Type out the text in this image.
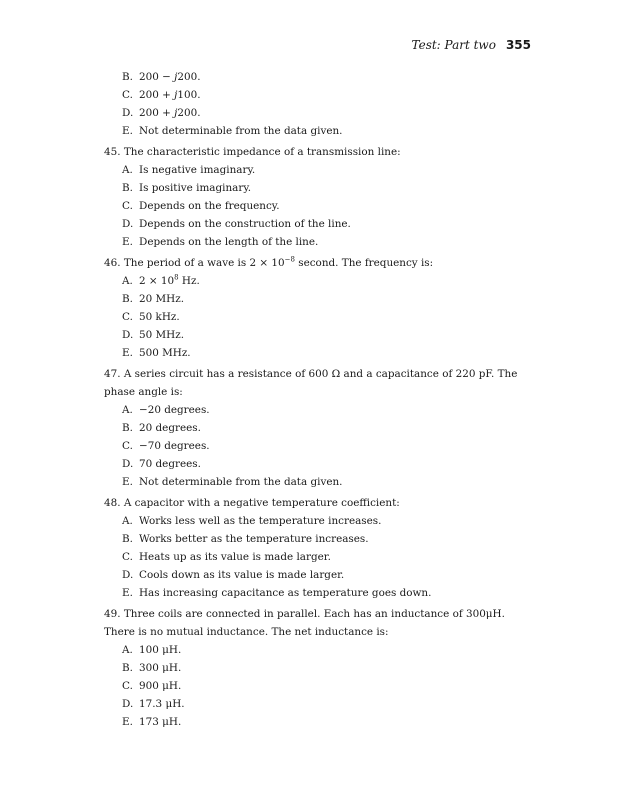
Test: Part two 355
B. 200 − j200.
C. 200 + j100.
D. 200 + j200.
E. Not determinable from the data given.
45. The characteristic impedance of a transmission line:
A. Is negative imaginary.
B. Is positive imaginary.
C. Depends on the frequency.
D. Depends on the construction of the line.
E. Depends on the length of the line.
46. The period of a wave is $2 \times 10^{-8}$ second. The frequency is:
A. $2 \times 10^8$ Hz.
B. 20 MHz.
C. 50 kHz.
D. 50 MHz.
E. 500 MHz.
47. A series circuit has a resistance of 600 Ω and a capacitance of 220 pF. The phase angle is:
A. −20 degrees.
B. 20 degrees.
C. −70 degrees.
D. 70 degrees.
E. Not determinable from the data given.
48. A capacitor with a negative temperature coefficient:
A. Works less well as the temperature increases.
B. Works better as the temperature increases.
C. Heats up as its value is made larger.
D. Cools down as its value is made larger.
E. Has increasing capacitance as temperature goes down.
49. Three coils are connected in parallel. Each has an inductance of 300μH. There is no mutual inductance. The net inductance is:
A. 100 μH.
B. 300 μH.
C. 900 μH.
D. 17.3 μH.
E. 173 μH.
